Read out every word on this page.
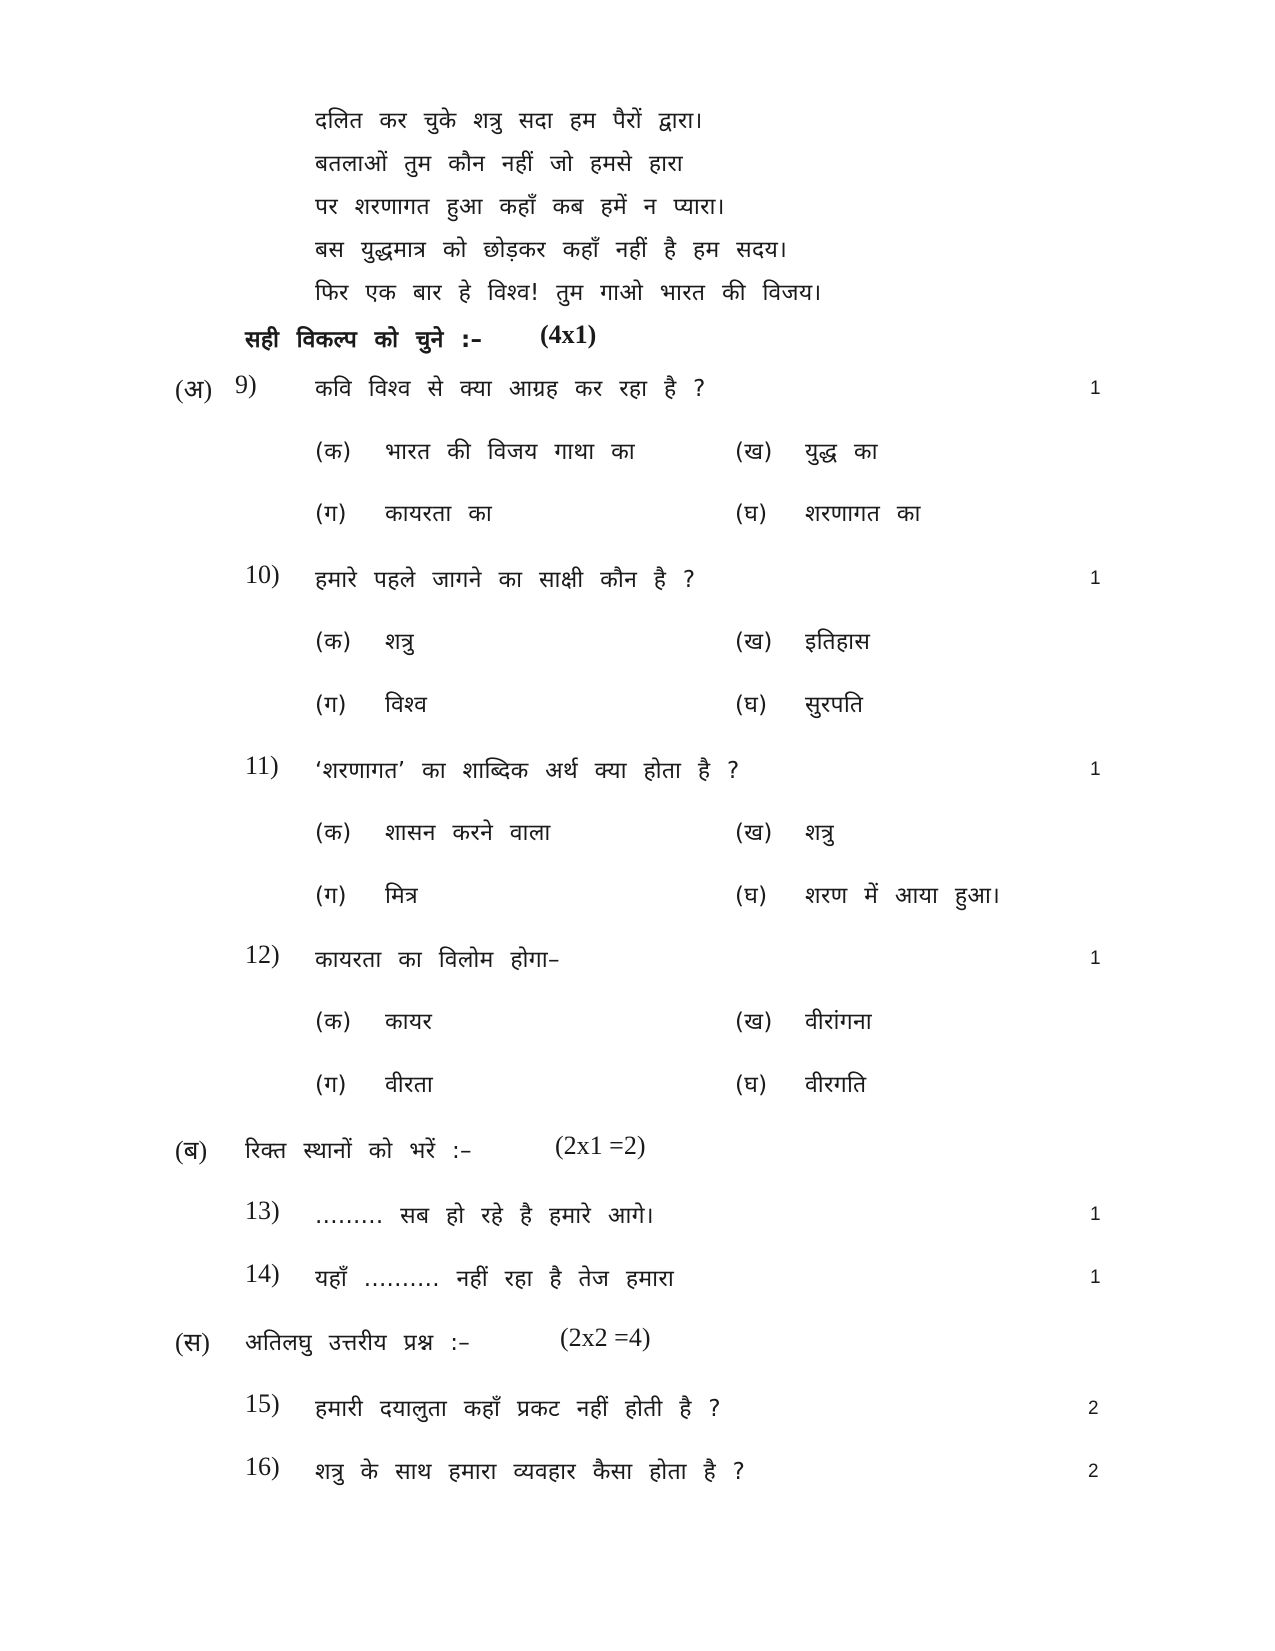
दलित कर चुके शत्रु सदा हम पैरों द्वारा।
बतलाओं तुम कौन नहीं जो हमसे हारा
पर शरणागत हुआ कहाँ कब हमें न प्यारा।
बस युद्धमात्र को छोड़कर कहाँ नहीं है हम सदय।
फिर एक बार हे विश्व! तुम गाओ भारत की विजय।
सही विकल्प को चुने :– (4x1)
(अ) 9)	कवि विश्व से क्या आग्रह कर रहा है ?	1
(क) भारत की विजय गाथा का	(ख) युद्ध का
(ग) कायरता का	(घ) शरणागत का
10) हमारे पहले जागने का साक्षी कौन है ?	1
(क) शत्रु	(ख) इतिहास
(ग) विश्व	(घ) सुरपति
11) ‘शरणागत’ का शाब्दिक अर्थ क्या होता है ?	1
(क) शासन करने वाला	(ख) शत्रु
(ग) मित्र	(घ) शरण में आया हुआ।
12) कायरता का विलोम होगा–	1
(क) कायर	(ख) वीरांगना
(ग) वीरता	(घ) वीरगति
(ब) रिक्त स्थानों को भरें :–	(2x1 =2)
13) ......... सब हो रहे है हमारे आगे।	1
14) यहाँ .......... नहीं रहा है तेज हमारा	1
(स) अतिलघु उत्तरीय प्रश्न :–	(2x2 =4)
15) हमारी दयालुता कहाँ प्रकट नहीं होती है ?	2
16) शत्रु के साथ हमारा व्यवहार कैसा होता है ?	2
